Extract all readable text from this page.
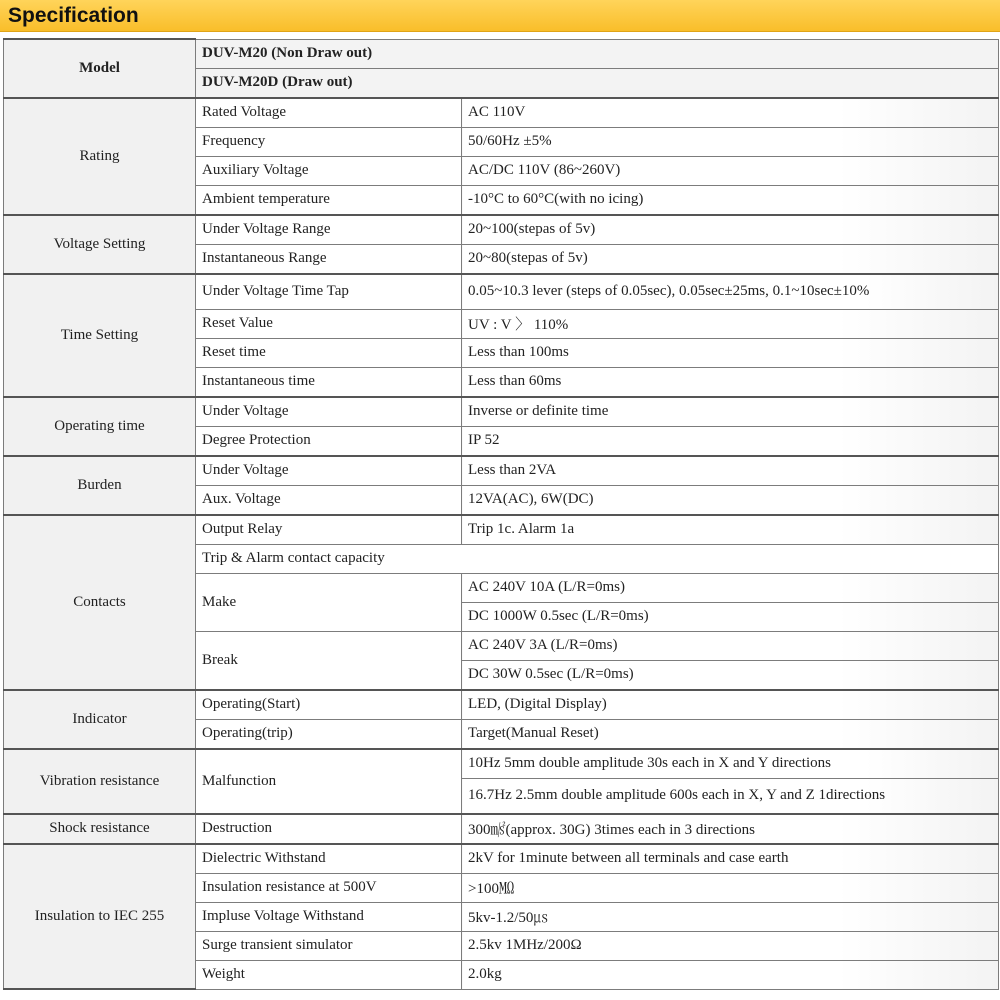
Specification
Model	DUV-M20 (Non Draw out)	
	DUV-M20D (Draw out)	
Rating	Rated Voltage	AC 110V
	Frequency	50/60Hz ±5%
	Auxiliary Voltage	AC/DC 110V (86~260V)
	Ambient temperature	-10°C to 60°C(with no icing)
Voltage Setting	Under Voltage Range	20~100(stepas of 5v)
	Instantaneous Range	20~80(stepas of 5v)
Time Setting	Under Voltage Time Tap	0.05~10.3 lever (steps of 0.05sec), 0.05sec±25ms, 0.1~10sec±10%
	Reset Value	UV : V 〉 110%
	Reset time	Less than 100ms
	Instantaneous time	Less than 60ms
Operating time	Under Voltage	Inverse or definite time
	Degree Protection	IP 52
Burden	Under Voltage	Less than 2VA
	Aux. Voltage	12VA(AC), 6W(DC)
Contacts	Output Relay	Trip 1c. Alarm 1a
	Trip & Alarm contact capacity	
	Make	AC 240V 10A (L/R=0ms)
		DC 1000W 0.5sec (L/R=0ms)
	Break	AC 240V 3A (L/R=0ms)
		DC 30W 0.5sec (L/R=0ms)
Indicator	Operating(Start)	LED, (Digital Display)
	Operating(trip)	Target(Manual Reset)
Vibration resistance	Malfunction	10Hz 5mm double amplitude 30s each in X and Y directions
		16.7Hz 2.5mm double amplitude 600s each in X, Y and Z 1directions
Shock resistance	Destruction	300㎨(approx. 30G) 3times each in 3 directions
Insulation to IEC 255	Dielectric Withstand	2kV for 1minute between all terminals and case earth
	Insulation resistance at 500V	>100㏁
	Impluse Voltage Withstand	5kv-1.2/50㎲
	Surge transient simulator	2.5kv 1MHz/200Ω
	Weight	2.0kg
